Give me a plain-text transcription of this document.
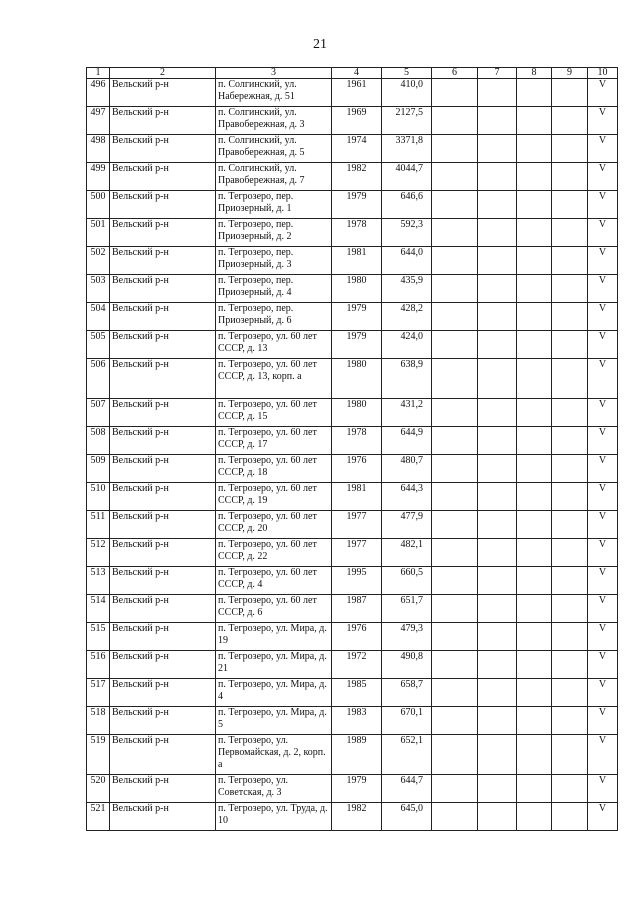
21
1	2	3	4	5	6	7	8	9	10
496	Вельский р-н	п. Солгинский, ул. Набережная, д. 51	1961	410,0					V
497	Вельский р-н	п. Солгинский, ул. Правобережная, д. 3	1969	2127,5					V
498	Вельский р-н	п. Солгинский, ул. Правобережная, д. 5	1974	3371,8					V
499	Вельский р-н	п. Солгинский, ул. Правобережная, д. 7	1982	4044,7					V
500	Вельский р-н	п. Тегрозеро, пер. Приозерный, д. 1	1979	646,6					V
501	Вельский р-н	п. Тегрозеро, пер. Приозерный, д. 2	1978	592,3					V
502	Вельский р-н	п. Тегрозеро, пер. Приозерный, д. 3	1981	644,0					V
503	Вельский р-н	п. Тегрозеро, пер. Приозерный, д. 4	1980	435,9					V
504	Вельский р-н	п. Тегрозеро, пер. Приозерный, д. 6	1979	428,2					V
505	Вельский р-н	п. Тегрозеро, ул. 60 лет СССР, д. 13	1979	424,0					V
506	Вельский р-н	п. Тегрозеро, ул. 60 лет СССР, д. 13, корп. а	1980	638,9					V
507	Вельский р-н	п. Тегрозеро, ул. 60 лет СССР, д. 15	1980	431,2					V
508	Вельский р-н	п. Тегрозеро, ул. 60 лет СССР, д. 17	1978	644,9					V
509	Вельский р-н	п. Тегрозеро, ул. 60 лет СССР, д. 18	1976	480,7					V
510	Вельский р-н	п. Тегрозеро, ул. 60 лет СССР, д. 19	1981	644,3					V
511	Вельский р-н	п. Тегрозеро, ул. 60 лет СССР, д. 20	1977	477,9					V
512	Вельский р-н	п. Тегрозеро, ул. 60 лет СССР, д. 22	1977	482,1					V
513	Вельский р-н	п. Тегрозеро, ул. 60 лет СССР, д. 4	1995	660,5					V
514	Вельский р-н	п. Тегрозеро, ул. 60 лет СССР, д. 6	1987	651,7					V
515	Вельский р-н	п. Тегрозеро, ул. Мира, д. 19	1976	479,3					V
516	Вельский р-н	п. Тегрозеро, ул. Мира, д. 21	1972	490,8					V
517	Вельский р-н	п. Тегрозеро, ул. Мира, д. 4	1985	658,7					V
518	Вельский р-н	п. Тегрозеро, ул. Мира, д. 5	1983	670,1					V
519	Вельский р-н	п. Тегрозеро, ул. Первомайская, д. 2, корп. а	1989	652,1					V
520	Вельский р-н	п. Тегрозеро, ул. Советская, д. 3	1979	644,7					V
521	Вельский р-н	п. Тегрозеро, ул. Труда, д. 10	1982	645,0					V
